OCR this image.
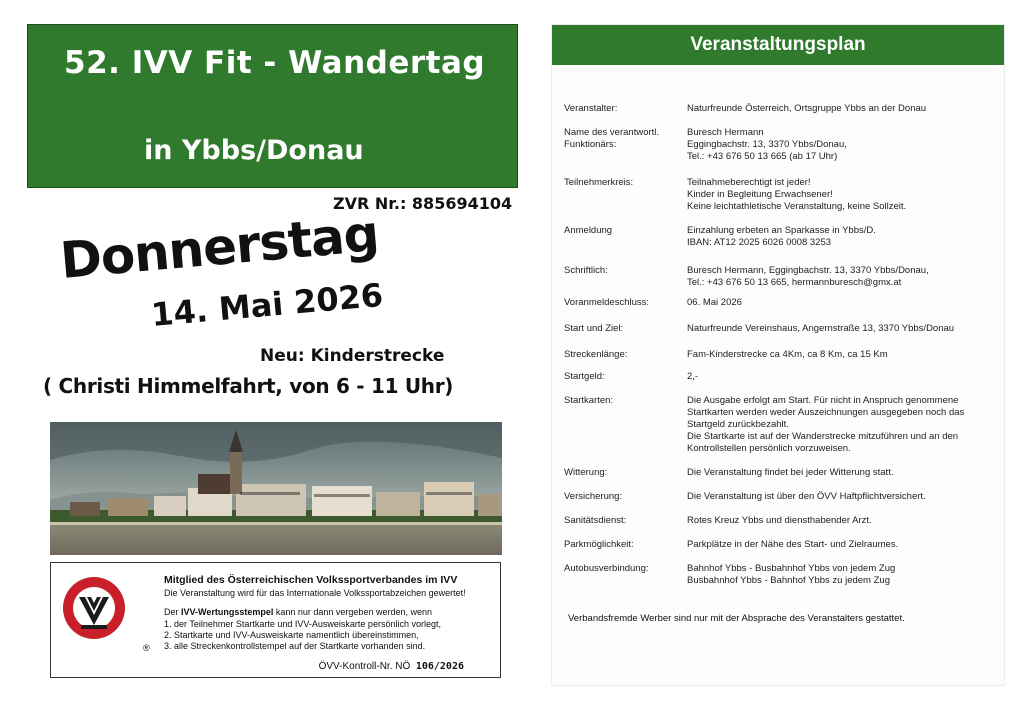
52. IVV Fit - Wandertag
in Ybbs/Donau
ZVR Nr.: 885694104
Donnerstag
14. Mai 2026
Neu: Kinderstrecke
( Christi Himmelfahrt, von 6 - 11 Uhr)
®
Mitglied des Österreichischen Volkssportverbandes im IVV
Die Veranstaltung wird für das Internationale Volkssportabzeichen gewertet!
Der IVV-Wertungsstempel kann nur dann vergeben werden, wenn
1. der Teilnehmer Startkarte und IVV-Ausweiskarte persönlich vorlegt,
2. Startkarte und IVV-Ausweiskarte namentlich übereinstimmen,
3. alle Streckenkontrollstempel auf der Startkarte vorhanden sind.
ÖVV-Kontroll-Nr. NÖ 106/2026
Veranstaltungsplan
Veranstalter:	Naturfreunde Österreich, Ortsgruppe Ybbs an der Donau
Name des verantwortl.
Funktionärs:
Buresch Hermann
Eggingbachstr. 13, 3370 Ybbs/Donau,
Tel.: +43 676 50 13 665 (ab 17 Uhr)
Teilnehmerkreis:	Teilnahmeberechtigt ist jeder!
Kinder in Begleitung Erwachsener!
Keine leichtathletische Veranstaltung, keine Sollzeit.
Anmeldung	Einzahlung erbeten an Sparkasse in Ybbs/D.
IBAN: AT12 2025 6026 0008 3253
Schriftlich:	Buresch Hermann, Eggingbachstr. 13, 3370 Ybbs/Donau,
Tel.: +43 676 50 13 665, hermannburesch@gmx.at
Voranmeldeschluss:	06. Mai 2026
Start und Ziel:	Naturfreunde Vereinshaus, Angernstraße 13, 3370 Ybbs/Donau
Streckenlänge:	Fam-Kinderstrecke ca 4Km, ca 8 Km, ca 15 Km
Startgeld:	2,-
Startkarten:	Die Ausgabe erfolgt am Start. Für nicht in Anspruch genommene
Startkarten werden weder Auszeichnungen ausgegeben noch das
Startgeld zurückbezahlt.
Die Startkarte ist auf der Wanderstrecke mitzuführen und an den
Kontrollstellen persönlich vorzuweisen.
Witterung:	Die Veranstaltung findet bei jeder Witterung statt.
Versicherung:	Die Veranstaltung ist über den ÖVV Haftpflichtversichert.
Sanitätsdienst:	Rotes Kreuz Ybbs und diensthabender Arzt.
Parkmöglichkeit:	Parkplätze in der Nähe des Start- und Zielraumes.
Autobusverbindung:	Bahnhof Ybbs - Busbahnhof Ybbs von jedem Zug
Busbahnhof Ybbs - Bahnhof Ybbs zu jedem Zug
Verbandsfremde Werber sind nur mit der Absprache des Veranstalters gestattet.
